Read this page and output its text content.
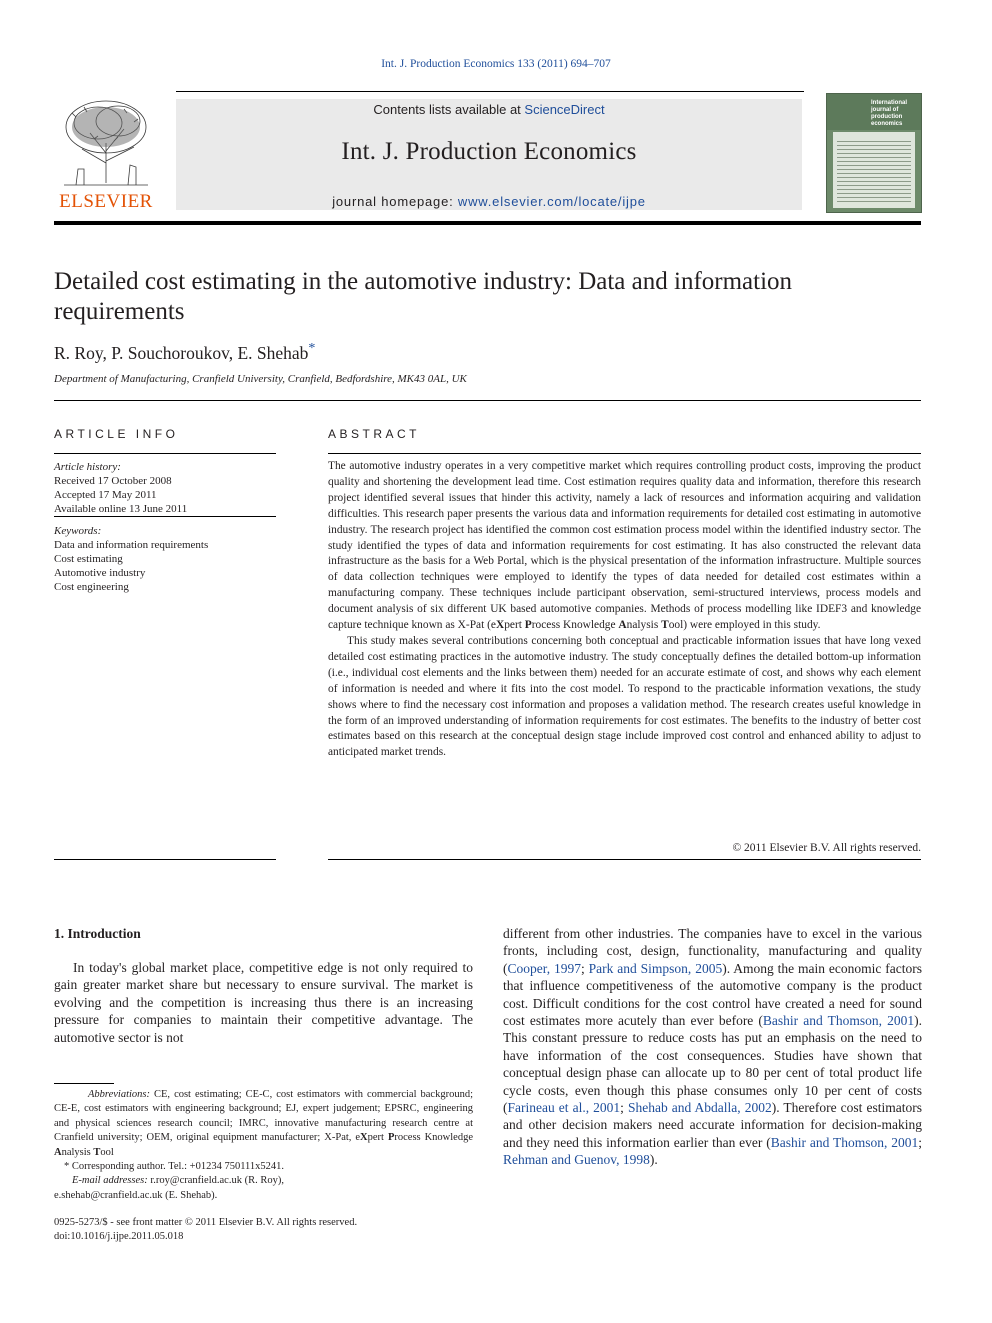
Int. J. Production Economics 133 (2011) 694–707
ELSEVIER
Contents lists available at ScienceDirect
Int. J. Production Economics
journal homepage: www.elsevier.com/locate/ijpe
International journal of production economics
Detailed cost estimating in the automotive industry: Data and information requirements
R. Roy, P. Souchoroukov, E. Shehab*
Department of Manufacturing, Cranfield University, Cranfield, Bedfordshire, MK43 0AL, UK
ARTICLE INFO
Article history:
Received 17 October 2008
Accepted 17 May 2011
Available online 13 June 2011
Keywords:
Data and information requirements
Cost estimating
Automotive industry
Cost engineering
ABSTRACT

The automotive industry operates in a very competitive market which requires controlling product costs, improving the product quality and shortening the development lead time. Cost estimation requires quality data and information, therefore this research project identified several issues that hinder this activity, namely a lack of resources and information acquiring and validation difficulties. This research paper presents the various data and information requirements for detailed cost estimating in automotive industry. The research project has identified the common cost estimation process model within the identified industry sector. The study identified the types of data and information requirements for cost estimating. It has also constructed the relevant data infrastructure as the basis for a Web Portal, which is the physical presentation of the information infrastructure. Multiple sources of data collection techniques were employed to identify the types of data needed for detailed cost estimates within a manufacturing company. These techniques include participant observation, semi-structured interviews, process models and document analysis of six different UK based automotive companies. Methods of process modelling like IDEF3 and knowledge capture technique known as X-Pat (eXpert Process Knowledge Analysis Tool) were employed in this study.

This study makes several contributions concerning both conceptual and practicable information issues that have long vexed detailed cost estimating practices in the automotive industry. The study conceptually defines the detailed bottom-up information (i.e., individual cost elements and the links between them) needed for an accurate estimate of cost, and shows why each element of information is needed and where it fits into the cost model. To respond to the practicable information vexations, the study shows where to find the necessary cost information and proposes a validation method. The research creates useful knowledge in the form of an improved understanding of information requirements for cost estimates. The benefits to the industry of better cost estimates based on this research at the conceptual design stage include improved cost control and enhanced ability to adjust to anticipated market trends.

© 2011 Elsevier B.V. All rights reserved.
1. Introduction

In today's global market place, competitive edge is not only required to gain greater market share but necessary to ensure survival. The market is evolving and the competition is increasing thus there is an increasing pressure for companies to maintain their competitive advantage. The automotive sector is not

different from other industries. The companies have to excel in the various fronts, including cost, design, functionality, manufacturing and quality (Cooper, 1997; Park and Simpson, 2005). Among the main economic factors that influence competitiveness of the automotive company is the product cost. Difficult conditions for the cost control have created a need for sound cost estimates more acutely than ever before (Bashir and Thomson, 2001). This constant pressure to reduce costs has put an emphasis on the need to have information of the cost consequences. Studies have shown that conceptual design phase can allocate up to 80 per cent of total product life cycle costs, even though this phase consumes only 10 per cent of costs (Farineau et al., 2001; Shehab and Abdalla, 2002). Therefore cost estimators and other decision makers need accurate information for decision-making and they need this information earlier than ever (Bashir and Thomson, 2001; Rehman and Guenov, 1998).

Abbreviations: CE, cost estimating; CE-C, cost estimators with commercial background; CE-E, cost estimators with engineering background; EJ, expert judgement; EPSRC, engineering and physical sciences research council; IMRC, innovative manufacturing research centre at Cranfield university; OEM, original equipment manufacturer; X-Pat, eXpert Process Knowledge Analysis Tool

* Corresponding author. Tel.: +01234 750111x5241.

E-mail addresses: r.roy@cranfield.ac.uk (R. Roy),

e.shehab@cranfield.ac.uk (E. Shehab).

0925-5273/$ - see front matter © 2011 Elsevier B.V. All rights reserved.
doi:10.1016/j.ijpe.2011.05.018
